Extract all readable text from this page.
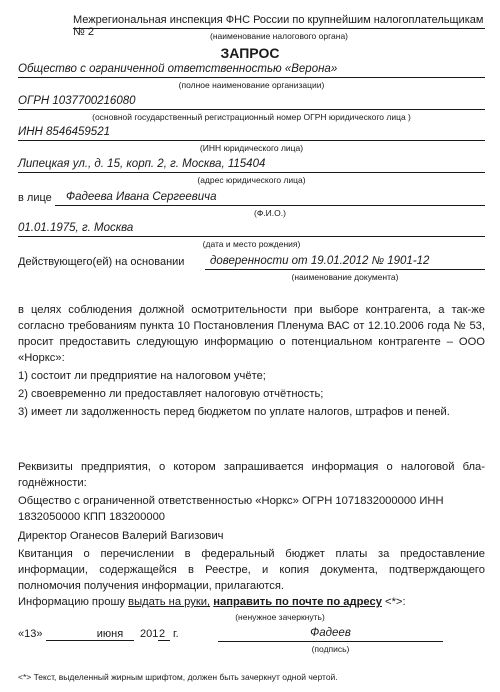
Межрегиональная инспекция ФНС России по крупнейшим налогоплательщикам № 2	(наименование налогового органа)
ЗАПРОС
Общество с ограниченной ответственностью «Верона»
(полное наименование организации)
ОГРН 1037700216080
(основной государственный регистрационный номер ОГРН юридического лица )
ИНН 8546459521
(ИНН юридического лица)
Липецкая ул., д. 15, корп. 2, г. Москва, 115404
(адрес юридического лица)
в лице Фадеева Ивана Сергеевича
(Ф.И.О.)
01.01.1975, г. Москва
(дата и место рождения)
Действующего(ей) на основании доверенности от 19.01.2012 № 1901-12
(наименование документа)
в целях соблюдения должной осмотрительности при выборе контрагента, а так-же согласно требованиям пункта 10 Постановления Пленума ВАС от 12.10.2006 года № 53, просит предоставить следующую информацию о потенциальном контрагенте – ООО «Норкс»:
1) состоит ли предприятие на налоговом учёте;
2) своевременно ли предоставляет налоговую отчётность;
3) имеет ли задолженность перед бюджетом по уплате налогов, штрафов и пеней.
Реквизиты предприятия, о котором запрашивается информация о налоговой бла-годнёжности:
Общество с ограниченной ответственностью «Норкс» ОГРН 1071832000000 ИНН 1832050000 КПП 183200000
Директор Оганесов Валерий Вагизович
Квитанция о перечислении в федеральный бюджет платы за предоставление информации, содержащейся в Реестре, и копия документа, подтверждающего полномочия получения информации, прилагаются.
Информацию прошу выдать на руки, направить по почте по адресу <*>:
(ненужное зачеркнуть)
«13»	июня	201 2 г.	Фадеев
(подпись)
<*> Текст, выделенный жирным шрифтом, должен быть зачеркнут одной чертой.
